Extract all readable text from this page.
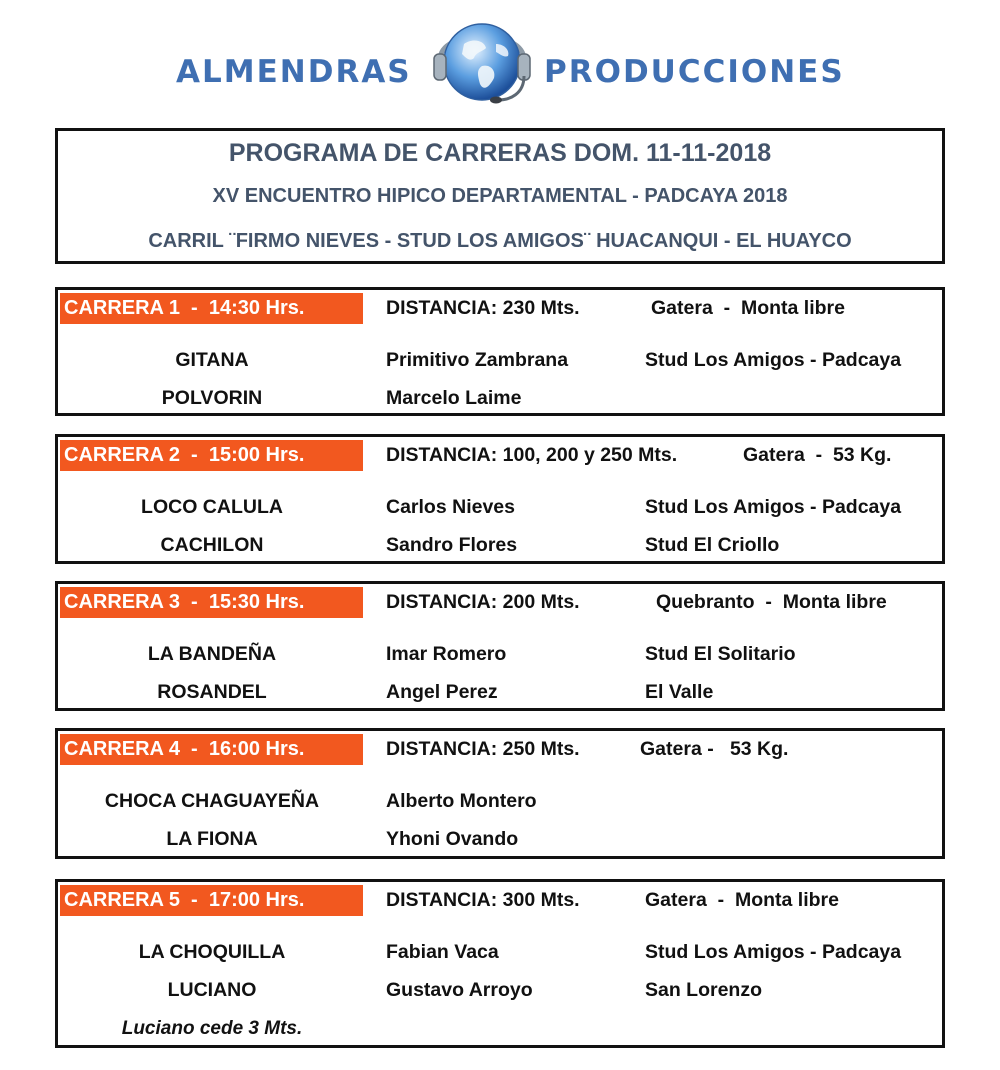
ALMENDRAS	PRODUCCIONES
PROGRAMA DE CARRERAS DOM. 11-11-2018
XV ENCUENTRO HIPICO DEPARTAMENTAL - PADCAYA 2018
CARRIL ¨FIRMO NIEVES - STUD LOS AMIGOS¨ HUACANQUI - EL HUAYCO
CARRERA 1  -  14:30 Hrs.	DISTANCIA: 230 Mts.	Gatera  -  Monta libre
GITANA	Primitivo Zambrana	Stud Los Amigos - Padcaya
POLVORIN	Marcelo Laime
CARRERA 2  -  15:00 Hrs.	DISTANCIA: 100, 200 y 250 Mts.	Gatera  -  53 Kg.
LOCO CALULA	Carlos Nieves	Stud Los Amigos - Padcaya
CACHILON	Sandro Flores	Stud El Criollo
CARRERA 3  -  15:30 Hrs.	DISTANCIA: 200 Mts.	Quebranto  -  Monta libre
LA BANDEÑA	Imar Romero	Stud El Solitario
ROSANDEL	Angel Perez	El Valle
CARRERA 4  -  16:00 Hrs.	DISTANCIA: 250 Mts.	Gatera -   53 Kg.
CHOCA CHAGUAYEÑA	Alberto Montero
LA FIONA	Yhoni Ovando
CARRERA 5  -  17:00 Hrs.	DISTANCIA: 300 Mts.	Gatera  -  Monta libre
LA CHOQUILLA	Fabian Vaca	Stud Los Amigos - Padcaya
LUCIANO	Gustavo Arroyo	San Lorenzo
Luciano cede 3 Mts.
